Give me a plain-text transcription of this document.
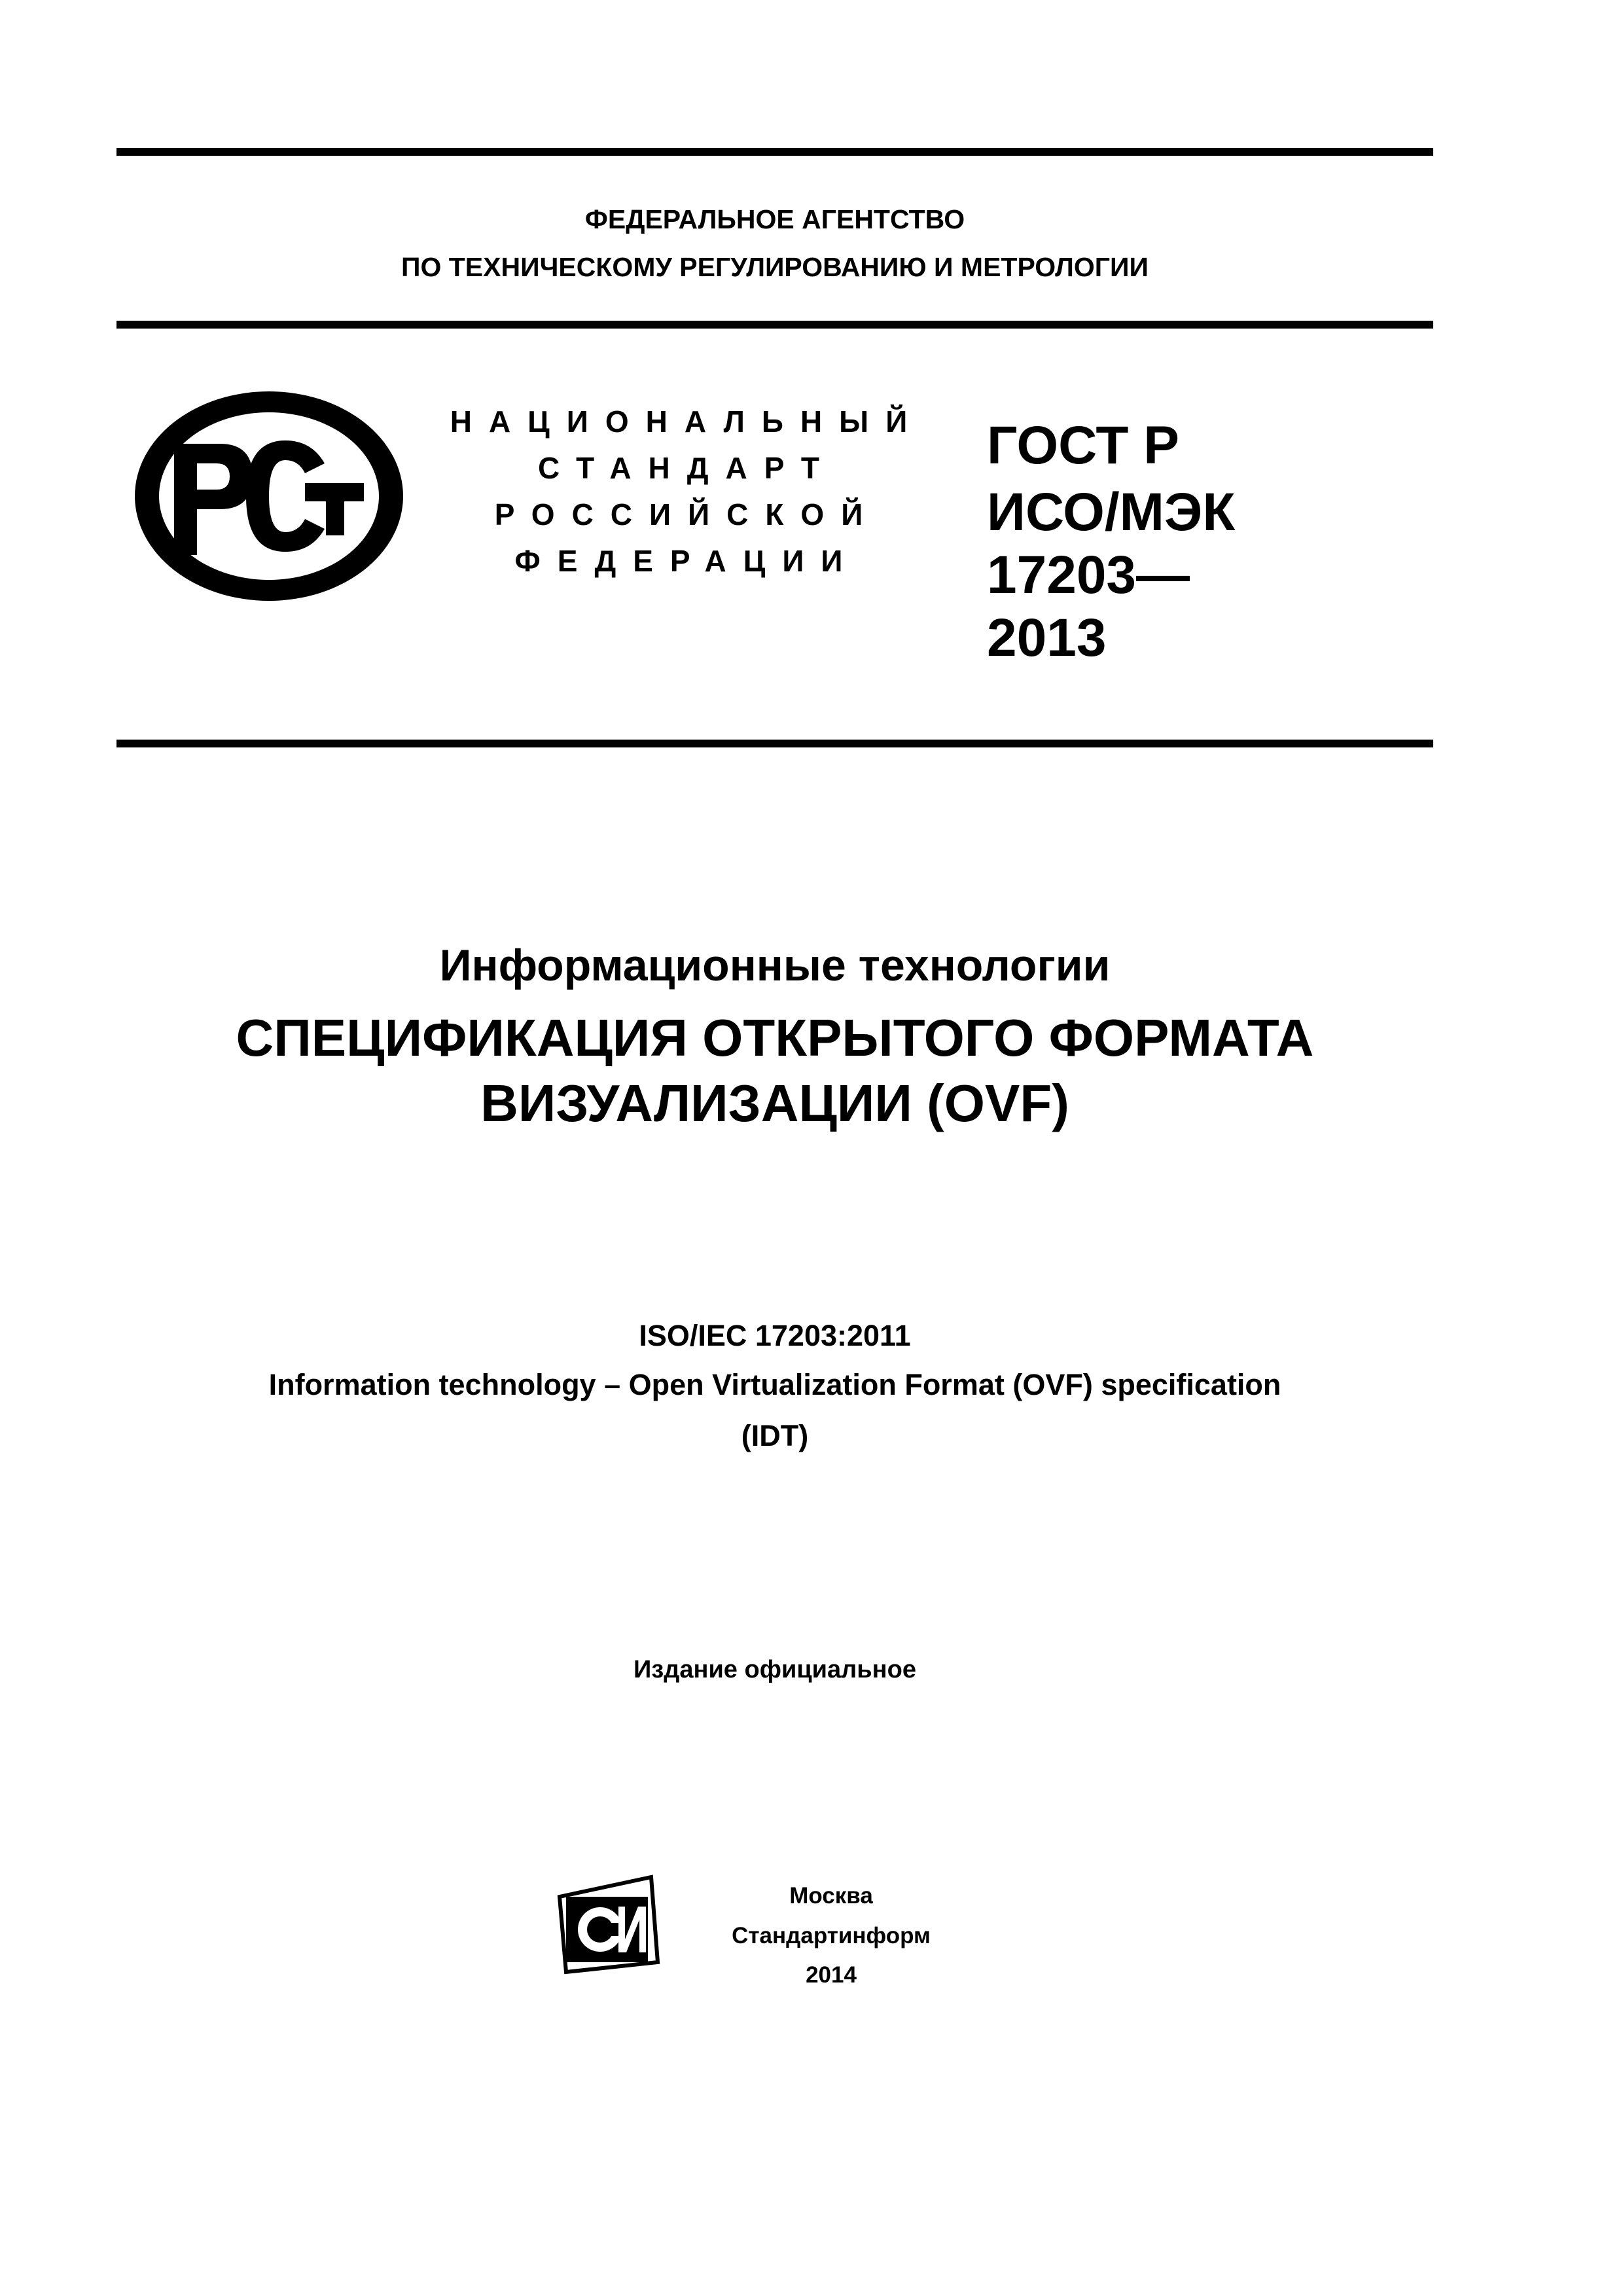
ФЕДЕРАЛЬНОЕ АГЕНТСТВО
ПО ТЕХНИЧЕСКОМУ РЕГУЛИРОВАНИЮ И МЕТРОЛОГИИ
НАЦИОНАЛЬНЫЙ
СТАНДАРТ
РОССИЙСКОЙ
ФЕДЕРАЦИИ
ГОСТ Р
ИСО/МЭК
17203—
2013
Информационные технологии
СПЕЦИФИКАЦИЯ ОТКРЫТОГО ФОРМАТА
ВИЗУАЛИЗАЦИИ (OVF)
ISO/IEC 17203:2011
Information technology – Open Virtualization Format (OVF) specification
(IDT)
Издание официальное
Москва
Стандартинформ
2014
